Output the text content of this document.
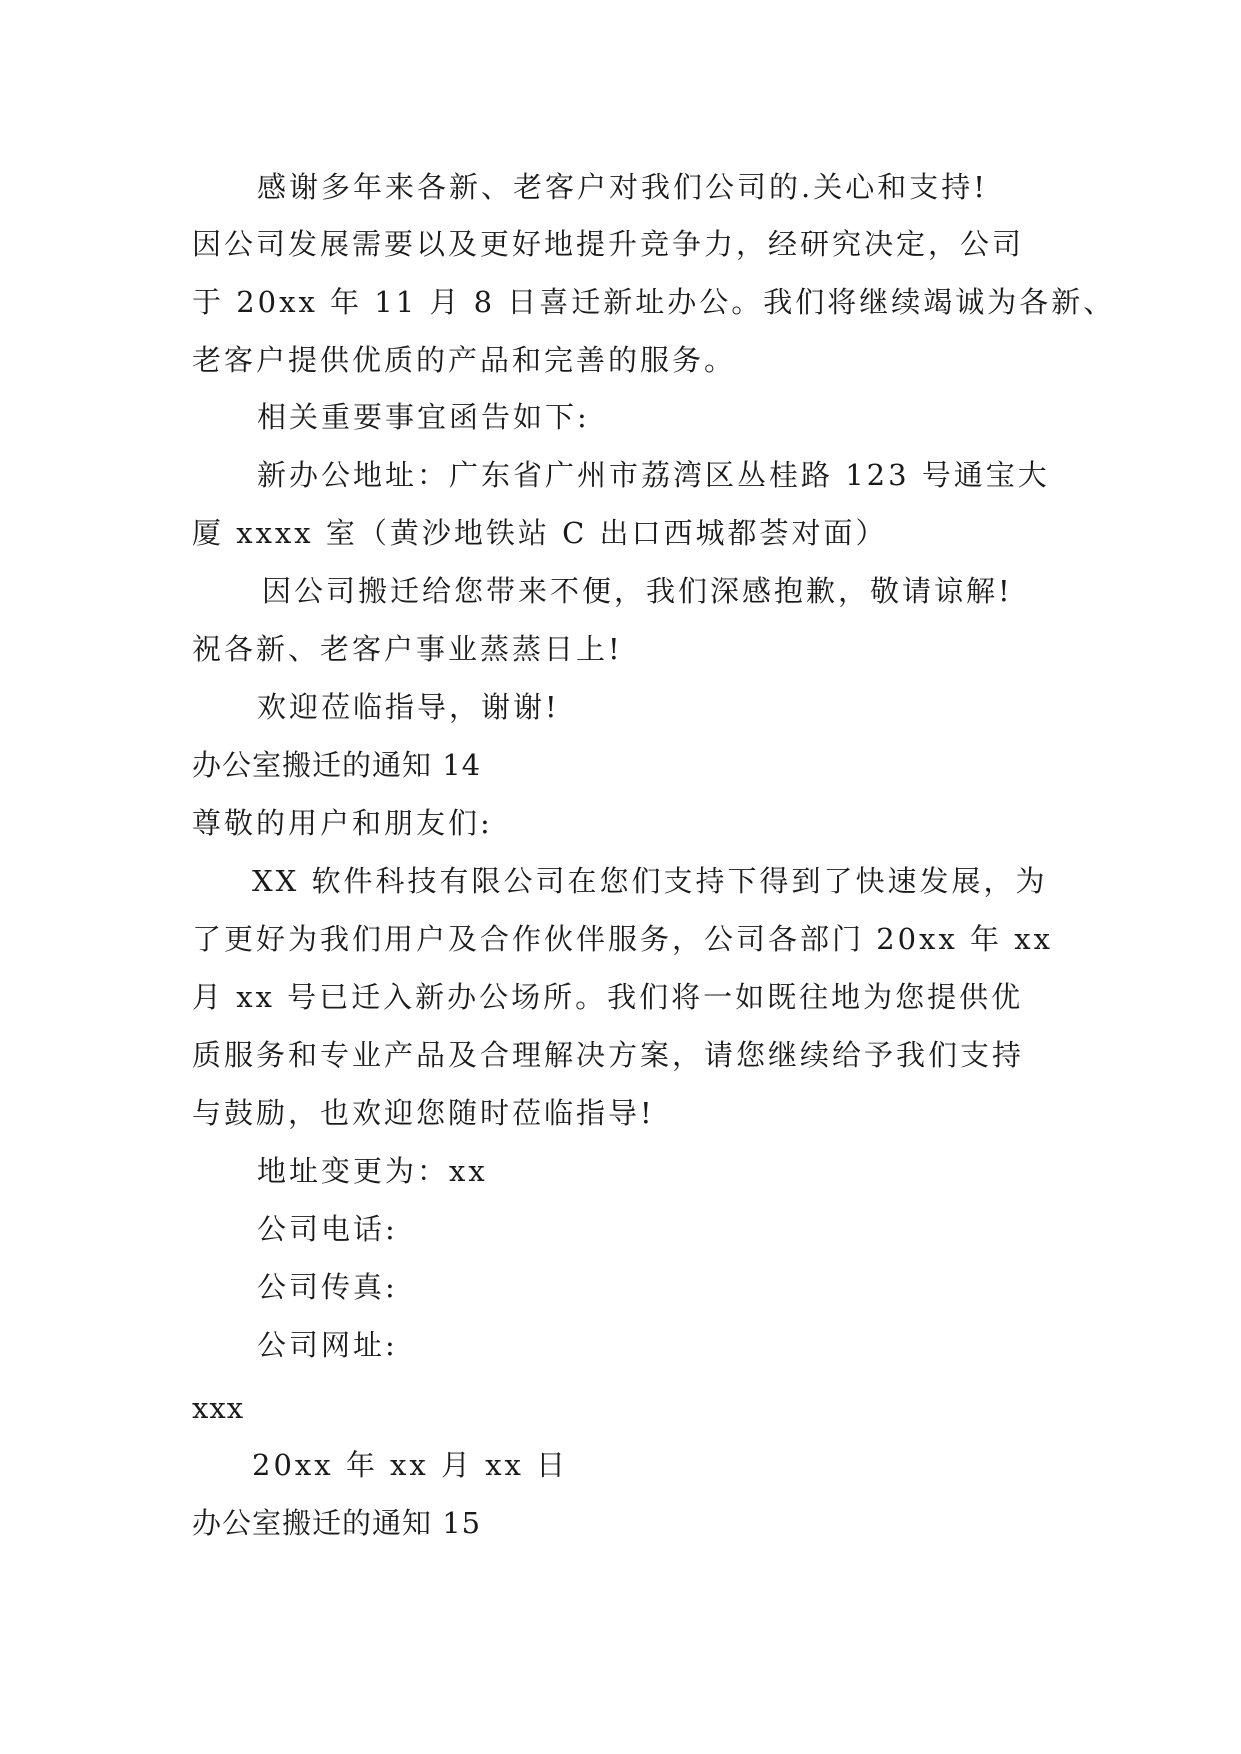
感谢多年来各新、老客户对我们公司的.关心和支持!
因公司发展需要以及更好地提升竞争力，经研究决定，公司
于 20xx 年 11 月 8 日喜迁新址办公。我们将继续竭诚为各新、
老客户提供优质的产品和完善的服务。
相关重要事宜函告如下:
新办公地址：广东省广州市荔湾区丛桂路 123 号通宝大
厦 xxxx 室（黄沙地铁站 C 出口西城都荟对面）
因公司搬迁给您带来不便，我们深感抱歉，敬请谅解!
祝各新、老客户事业蒸蒸日上!
欢迎莅临指导，谢谢!
办公室搬迁的通知 14
尊敬的用户和朋友们:
XX 软件科技有限公司在您们支持下得到了快速发展，为
了更好为我们用户及合作伙伴服务，公司各部门 20xx 年 xx
月 xx 号已迁入新办公场所。我们将一如既往地为您提供优
质服务和专业产品及合理解决方案，请您继续给予我们支持
与鼓励，也欢迎您随时莅临指导!
地址变更为：xx
公司电话:
公司传真:
公司网址:
xxx
20xx 年 xx 月 xx 日
办公室搬迁的通知 15
